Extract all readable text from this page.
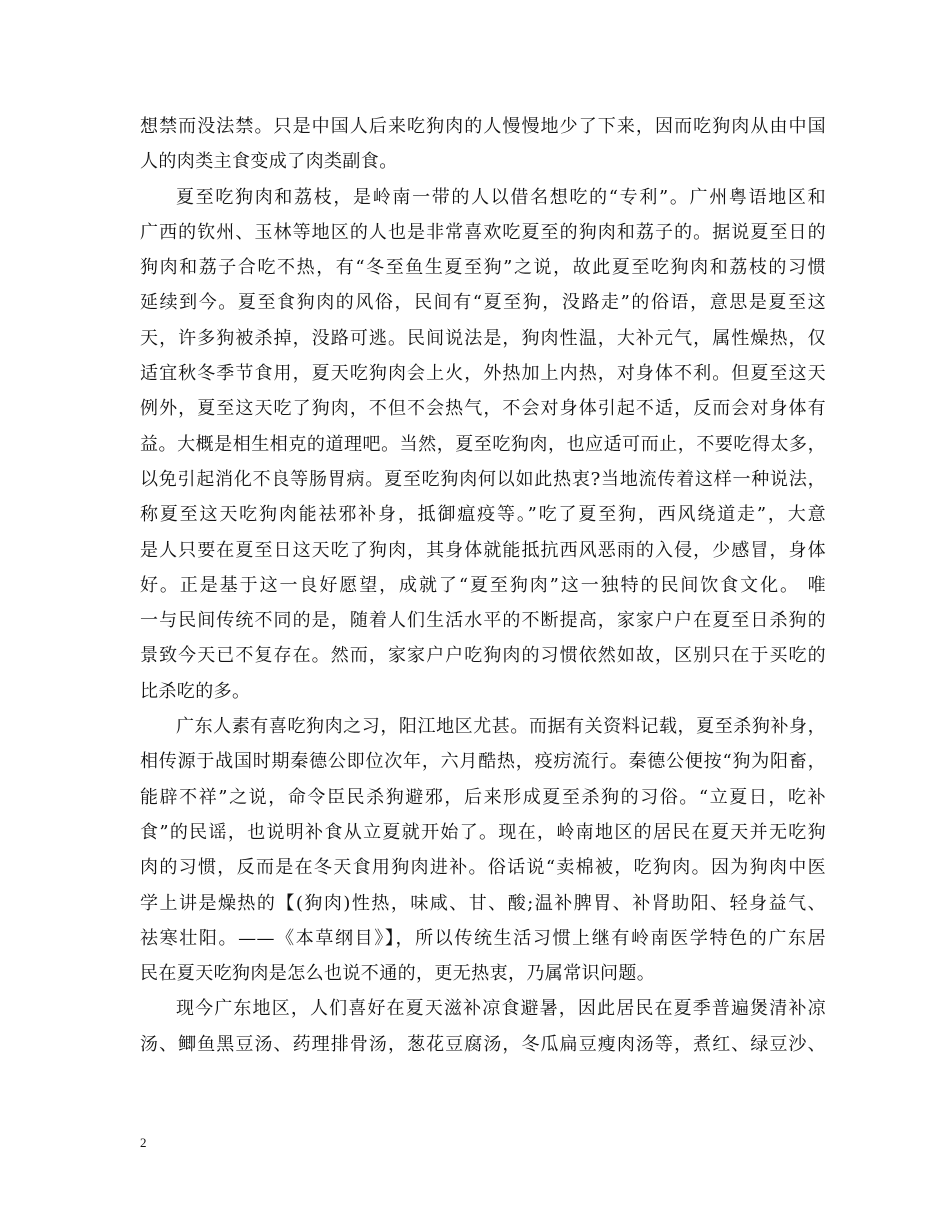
想禁而没法禁。只是中国人后来吃狗肉的人慢慢地少了下来，因而吃狗肉从由中国
人的肉类主食变成了肉类副食。
夏至吃狗肉和荔枝，是岭南一带的人以借名想吃的“专利”。广州粤语地区和
广西的钦州、玉林等地区的人也是非常喜欢吃夏至的狗肉和荔子的。据说夏至日的
狗肉和荔子合吃不热，有“冬至鱼生夏至狗”之说，故此夏至吃狗肉和荔枝的习惯
延续到今。夏至食狗肉的风俗，民间有“夏至狗，没路走”的俗语，意思是夏至这
天，许多狗被杀掉，没路可逃。民间说法是，狗肉性温，大补元气，属性燥热，仅
适宜秋冬季节食用，夏天吃狗肉会上火，外热加上内热，对身体不利。但夏至这天
例外，夏至这天吃了狗肉，不但不会热气，不会对身体引起不适，反而会对身体有
益。大概是相生相克的道理吧。当然，夏至吃狗肉，也应适可而止，不要吃得太多，
以免引起消化不良等肠胃病。夏至吃狗肉何以如此热衷?当地流传着这样一种说法，
称夏至这天吃狗肉能祛邪补身，抵御瘟疫等。”吃了夏至狗，西风绕道走”，大意
是人只要在夏至日这天吃了狗肉，其身体就能抵抗西风恶雨的入侵，少感冒，身体
好。正是基于这一良好愿望，成就了“夏至狗肉”这一独特的民间饮食文化。 唯
一与民间传统不同的是，随着人们生活水平的不断提高，家家户户在夏至日杀狗的
景致今天已不复存在。然而，家家户户吃狗肉的习惯依然如故，区别只在于买吃的
比杀吃的多。
广东人素有喜吃狗肉之习，阳江地区尤甚。而据有关资料记载，夏至杀狗补身，
相传源于战国时期秦德公即位次年，六月酷热，疫疠流行。秦德公便按“狗为阳畜，
能辟不祥”之说，命令臣民杀狗避邪，后来形成夏至杀狗的习俗。“立夏日，吃补
食”的民谣，也说明补食从立夏就开始了。现在，岭南地区的居民在夏天并无吃狗
肉的习惯，反而是在冬天食用狗肉进补。俗话说“卖棉被，吃狗肉。因为狗肉中医
学上讲是燥热的【(狗肉)性热，味咸、甘、酸;温补脾胃、补肾助阳、轻身益气、
祛寒壮阳。——《本草纲目》】，所以传统生活习惯上继有岭南医学特色的广东居
民在夏天吃狗肉是怎么也说不通的，更无热衷，乃属常识问题。
现今广东地区，人们喜好在夏天滋补凉食避暑，因此居民在夏季普遍煲清补凉
汤、鲫鱼黑豆汤、药理排骨汤，葱花豆腐汤，冬瓜扁豆瘦肉汤等，煮红、绿豆沙、
2
